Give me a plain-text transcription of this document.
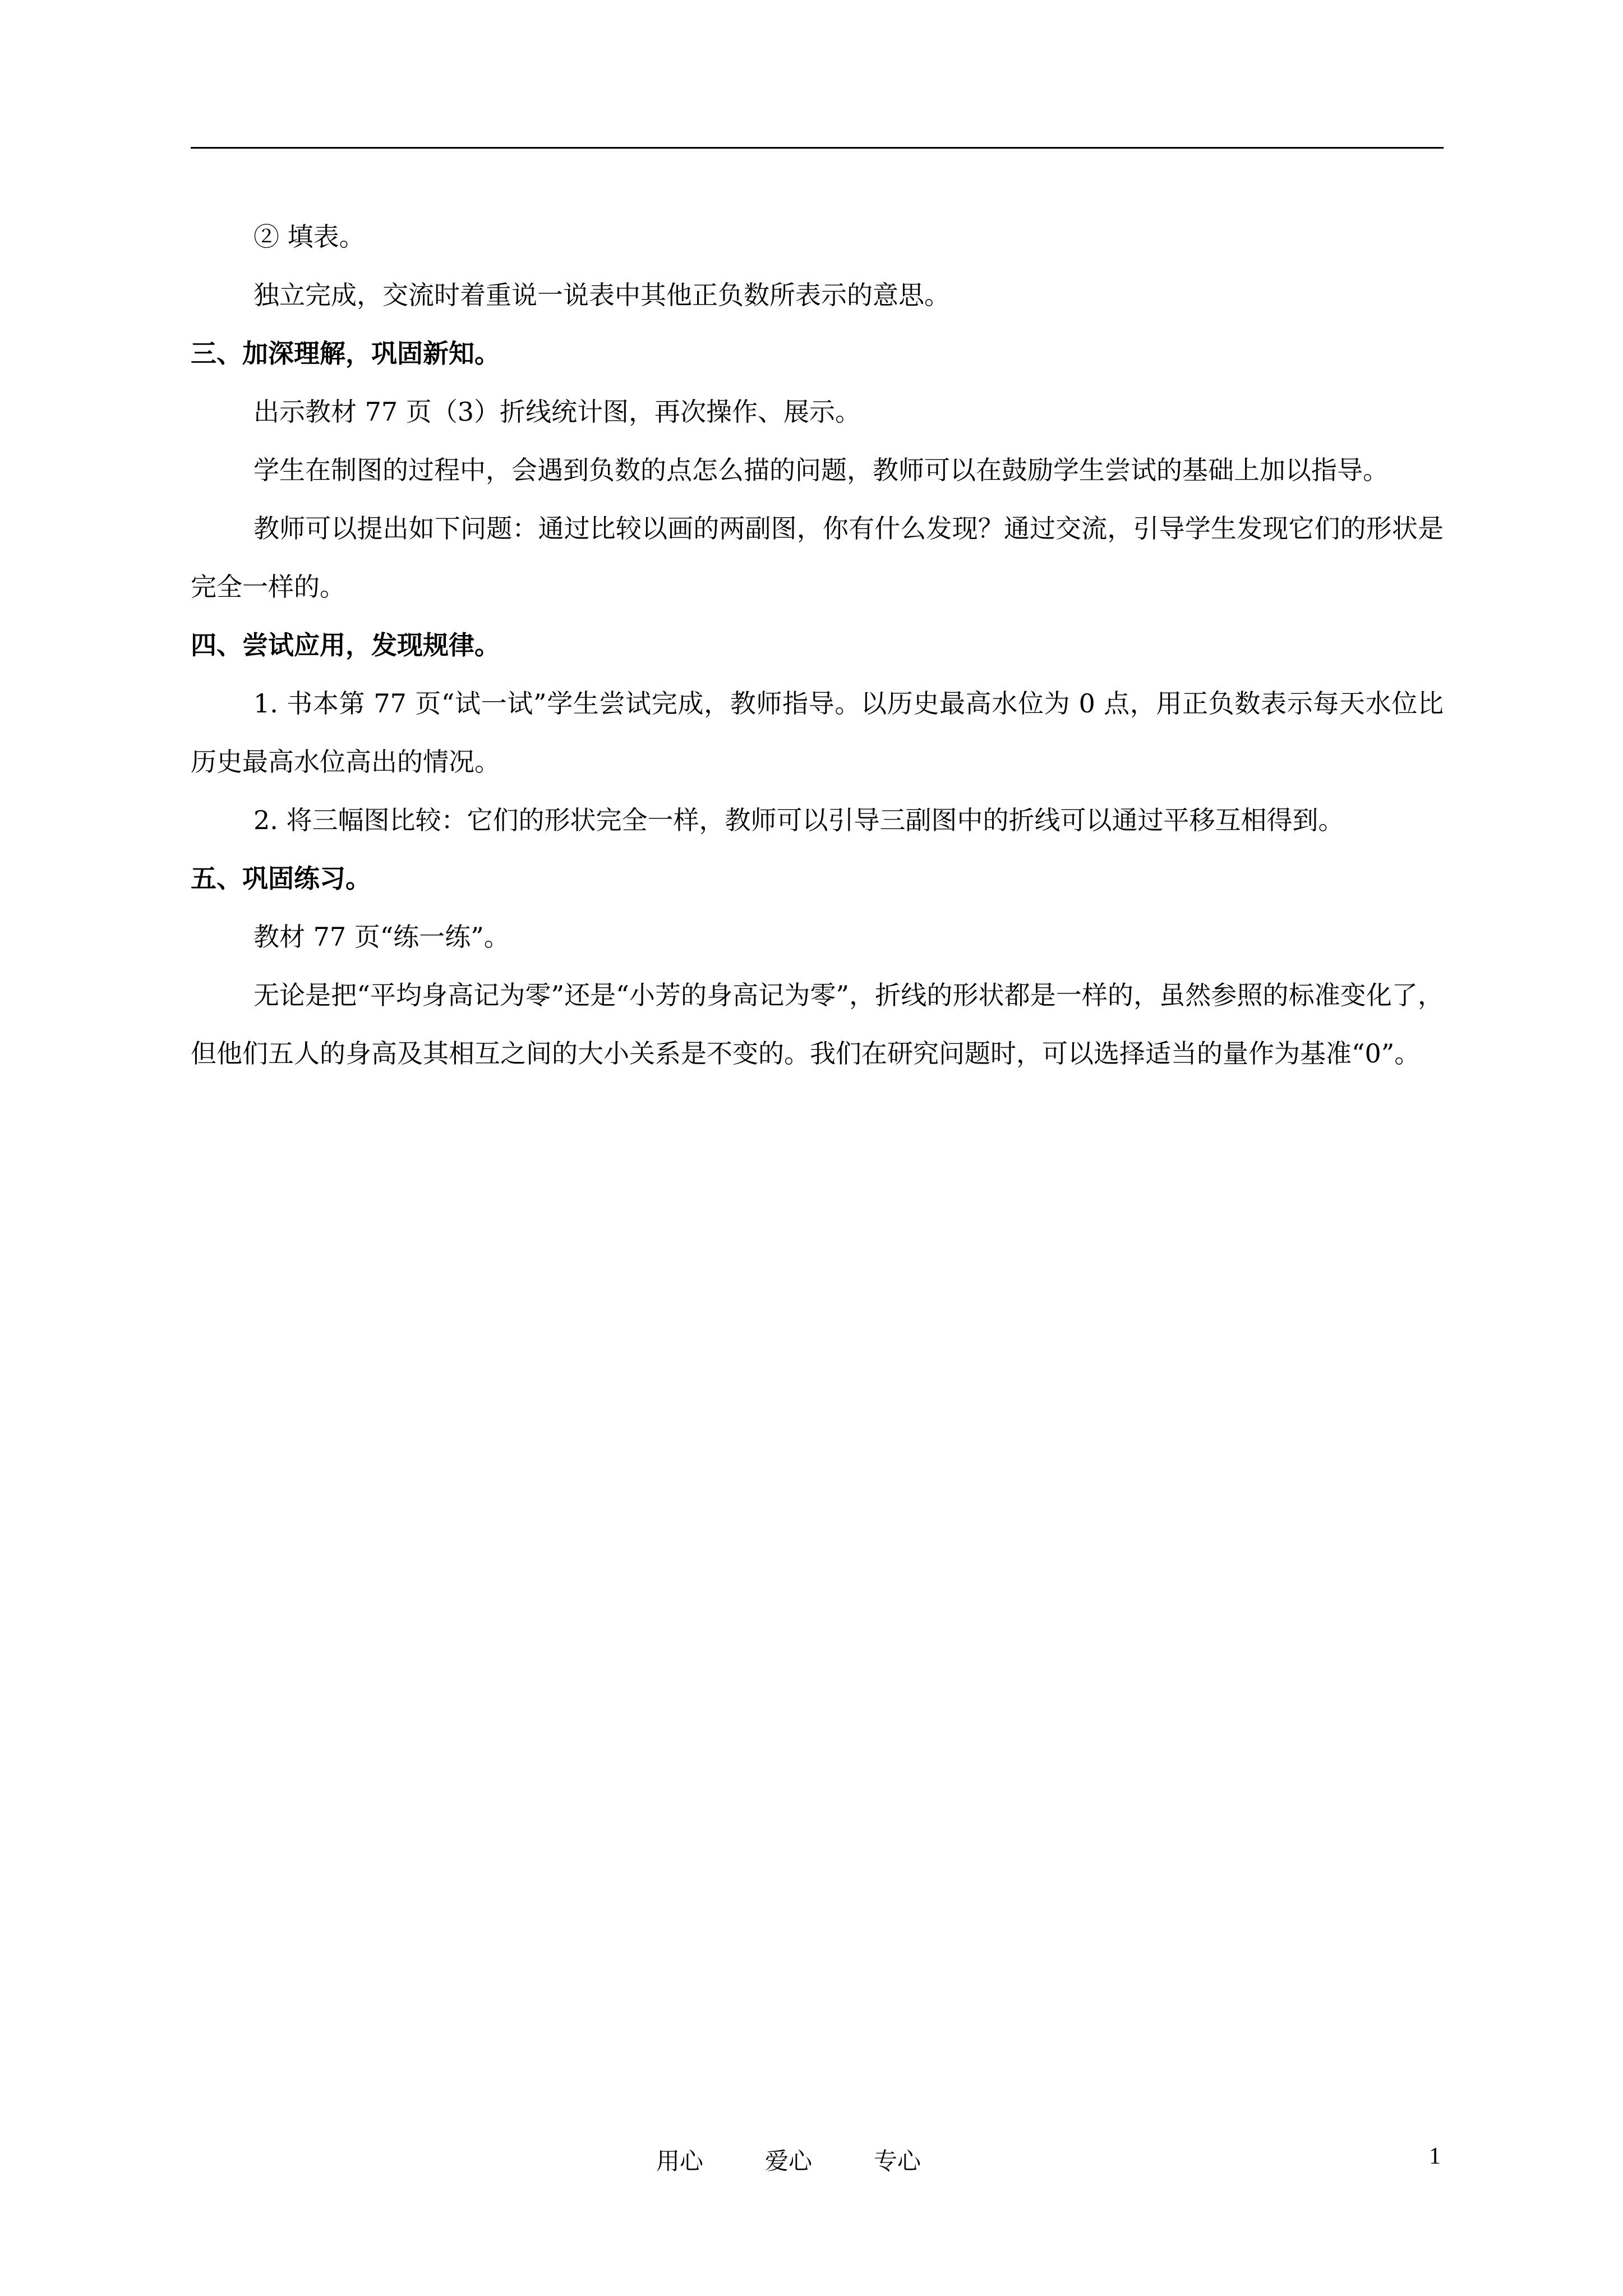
② 填表。

独立完成，交流时着重说一说表中其他正负数所表示的意思。

三、加深理解，巩固新知。

出示教材 77 页（3）折线统计图，再次操作、展示。

学生在制图的过程中，会遇到负数的点怎么描的问题，教师可以在鼓励学生尝试的基础上加以指导。

教师可以提出如下问题：通过比较以画的两副图，你有什么发现？通过交流，引导学生发现它们的形状是完全一样的。

四、尝试应用，发现规律。

1. 书本第 77 页“试一试”学生尝试完成，教师指导。以历史最高水位为 0 点，用正负数表示每天水位比历史最高水位高出的情况。

2. 将三幅图比较：它们的形状完全一样，教师可以引导三副图中的折线可以通过平移互相得到。

五、巩固练习。

教材 77 页“练一练”。

无论是把“平均身高记为零”还是“小芳的身高记为零”，折线的形状都是一样的，虽然参照的标准变化了，但他们五人的身高及其相互之间的大小关系是不变的。我们在研究问题时，可以选择适当的量作为基准“0”。

用心	爱心	专心	1
